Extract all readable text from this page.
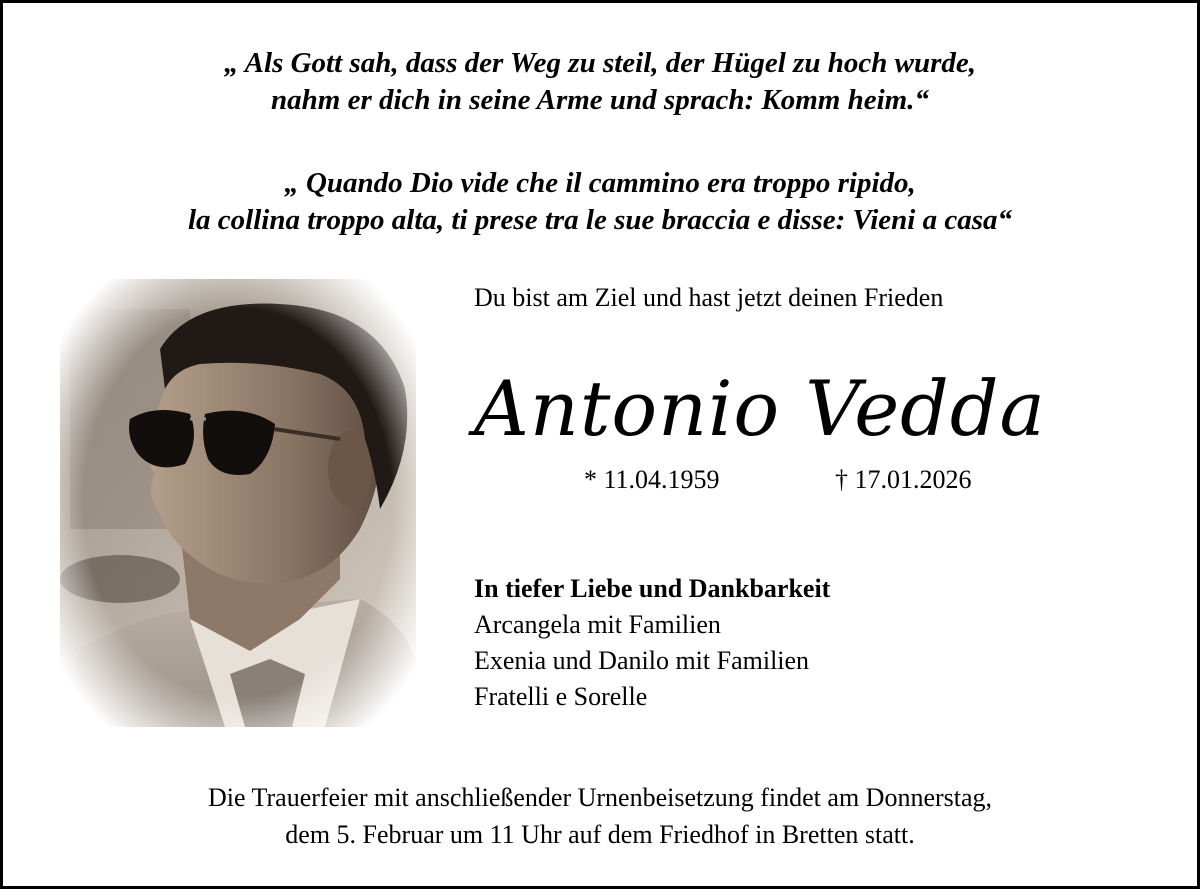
„ Als Gott sah, dass der Weg zu steil, der Hügel zu hoch wurde,
nahm er dich in seine Arme und sprach: Komm heim.“
„ Quando Dio vide che il cammino era troppo ripido,
la collina troppo alta, ti prese tra le sue braccia e disse: Vieni a casa“
Du bist am Ziel und hast jetzt deinen Frieden
Antonio Vedda
* 11.04.1959	† 17.01.2026
In tiefer Liebe und Dankbarkeit
Arcangela mit Familien
Exenia und Danilo mit Familien
Fratelli e Sorelle
Die Trauerfeier mit anschließender Urnenbeisetzung findet am Donnerstag,
dem 5. Februar um 11 Uhr auf dem Friedhof in Bretten statt.
